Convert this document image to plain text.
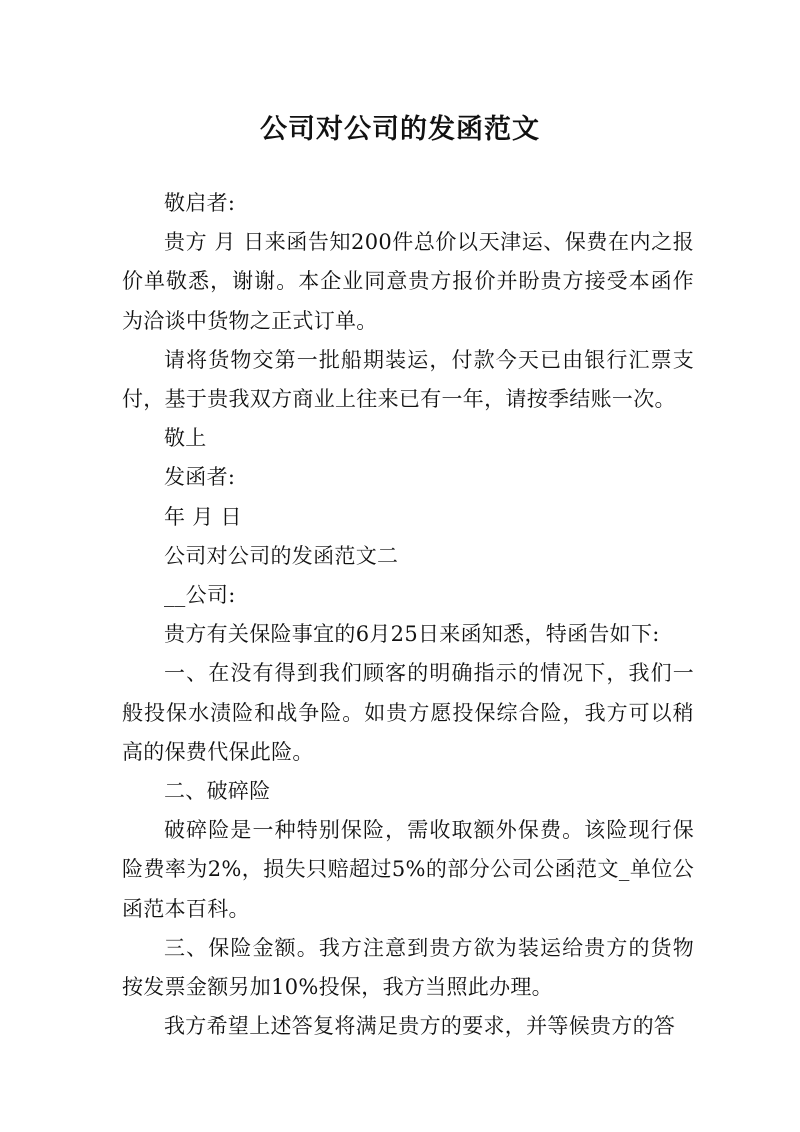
公司对公司的发函范文

敬启者:

贵方 月 日来函告知200件总价以天津运、保费在内之报价单敬悉，谢谢。本企业同意贵方报价并盼贵方接受本函作为洽谈中货物之正式订单。

请将货物交第一批船期装运，付款今天已由银行汇票支付，基于贵我双方商业上往来已有一年，请按季结账一次。

敬上

发函者:

年 月 日

公司对公司的发函范文二

__公司:

贵方有关保险事宜的6月25日来函知悉，特函告如下:

一、在没有得到我们顾客的明确指示的情况下，我们一般投保水渍险和战争险。如贵方愿投保综合险，我方可以稍高的保费代保此险。

二、破碎险

破碎险是一种特别保险，需收取额外保费。该险现行保险费率为2%，损失只赔超过5%的部分公司公函范文_单位公函范本百科。

三、保险金额。我方注意到贵方欲为装运给贵方的货物按发票金额另加10%投保，我方当照此办理。

我方希望上述答复将满足贵方的要求，并等候贵方的答
